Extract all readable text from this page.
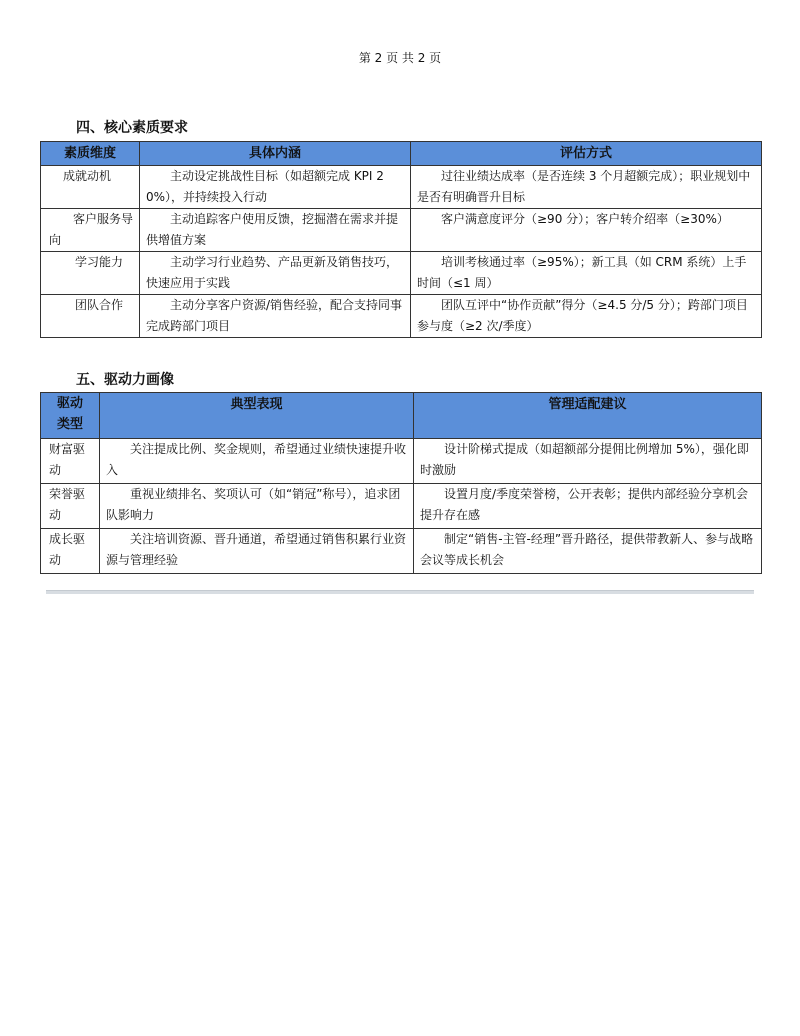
第 2 页 共 2 页
四、核心素质要求
素质维度	具体内涵	评估方式
成就动机	主动设定挑战性目标（如超额完成 KPI 20%），并持续投入行动	过往业绩达成率（是否连续 3 个月超额完成）；职业规划中是否有明确晋升目标
客户服务导向	主动追踪客户使用反馈，挖掘潜在需求并提供增值方案	客户满意度评分（≥90 分）；客户转介绍率（≥30%）
学习能力	主动学习行业趋势、产品更新及销售技巧，快速应用于实践	培训考核通过率（≥95%）；新工具（如 CRM 系统）上手时间（≤1 周）
团队合作	主动分享客户资源/销售经验，配合支持同事完成跨部门项目	团队互评中“协作贡献”得分（≥4.5 分/5 分）；跨部门项目参与度（≥2 次/季度）
五、驱动力画像
驱动类型	典型表现	管理适配建议
财富驱动	关注提成比例、奖金规则，希望通过业绩快速提升收入	设计阶梯式提成（如超额部分提佣比例增加 5%），强化即时激励
荣誉驱动	重视业绩排名、奖项认可（如“销冠”称号），追求团队影响力	设置月度/季度荣誉榜，公开表彰；提供内部经验分享机会提升存在感
成长驱动	关注培训资源、晋升通道，希望通过销售积累行业资源与管理经验	制定“销售-主管-经理”晋升路径，提供带教新人、参与战略会议等成长机会
